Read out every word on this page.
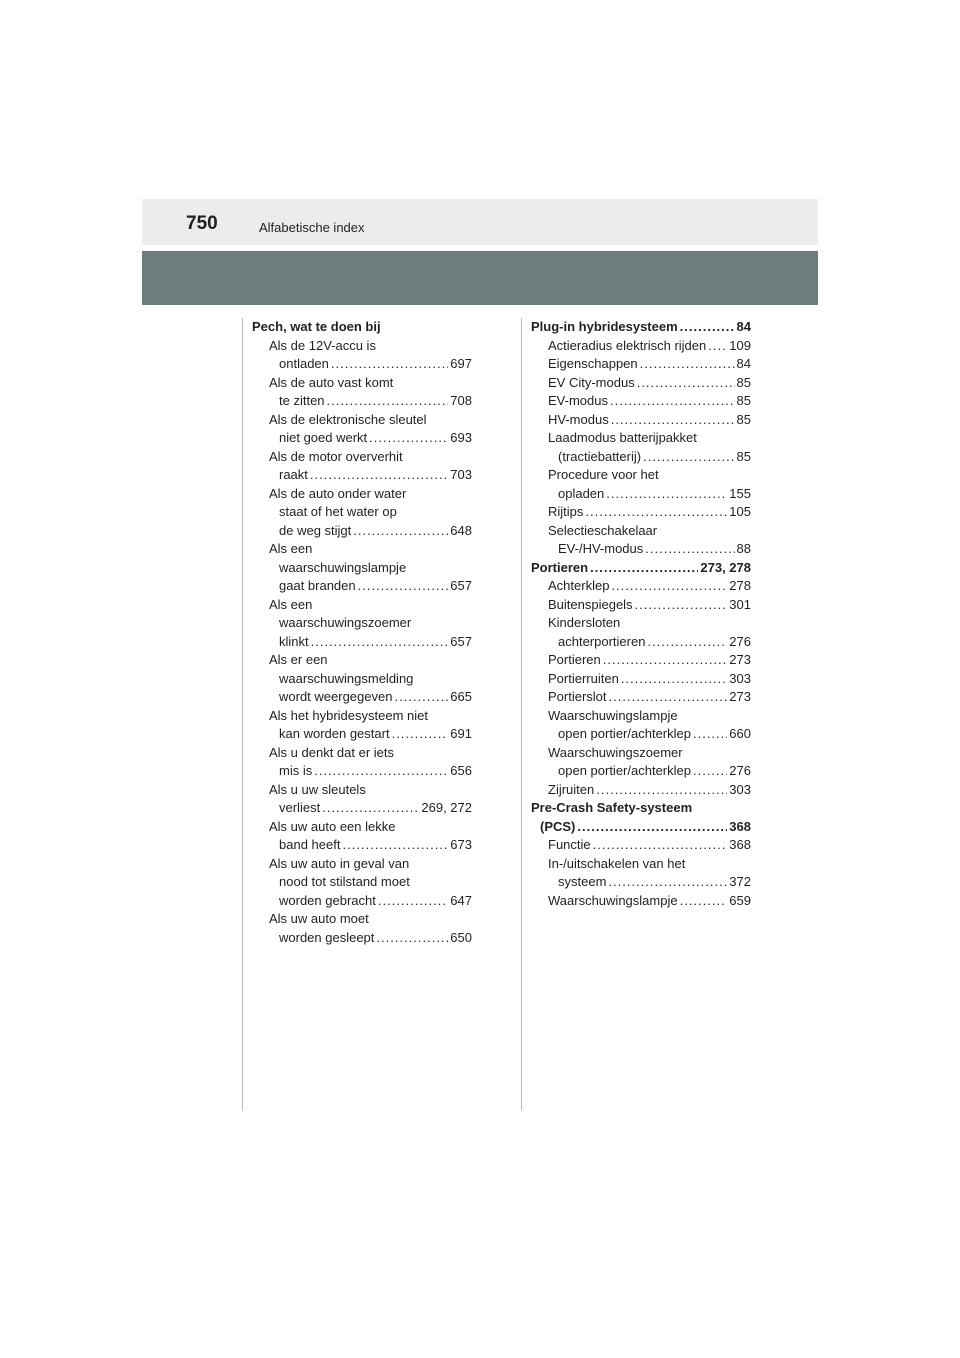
750	Alfabetische index
Pech, wat te doen bij
Als de 12V-accu is
ontladen .....	697
Als de auto vast komt
te zitten .....	708
Als de elektronische sleutel
niet goed werkt .....	693
Als de motor oververhit
raakt .....	703
Als de auto onder water
staat of het water op
de weg stijgt .....	648
Als een
waarschuwingslampje
gaat branden .....	657
Als een
waarschuwingszoemer
klinkt .....	657
Als er een
waarschuwingsmelding
wordt weergegeven .....	665
Als het hybridesysteem niet
kan worden gestart .....	691
Als u denkt dat er iets
mis is .....	656
Als u uw sleutels
verliest .....	269, 272
Als uw auto een lekke
band heeft .....	673
Als uw auto in geval van
nood tot stilstand moet
worden gebracht .....	647
Als uw auto moet
worden gesleept .....	650
Plug-in hybridesysteem .....	84
Actieradius elektrisch rijden ..... 109
Eigenschappen .....	84
EV City-modus .....	85
EV-modus .....	85
HV-modus .....	85
Laadmodus batterijpakket
(tractiebatterij) .....	85
Procedure voor het
opladen .....	155
Rijtips .....	105
Selectieschakelaar
EV-/HV-modus .....	88
Portieren .....	273, 278
Achterklep .....	278
Buitenspiegels .....	301
Kindersloten
achterportieren .....	276
Portieren .....	273
Portierruiten .....	303
Portierslot .....	273
Waarschuwingslampje
open portier/achterklep .....	660
Waarschuwingszoemer
open portier/achterklep .....	276
Zijruiten .....	303
Pre-Crash Safety-systeem
(PCS) .....	368
Functie .....	368
In-/uitschakelen van het
systeem .....	372
Waarschuwingslampje .....	659
